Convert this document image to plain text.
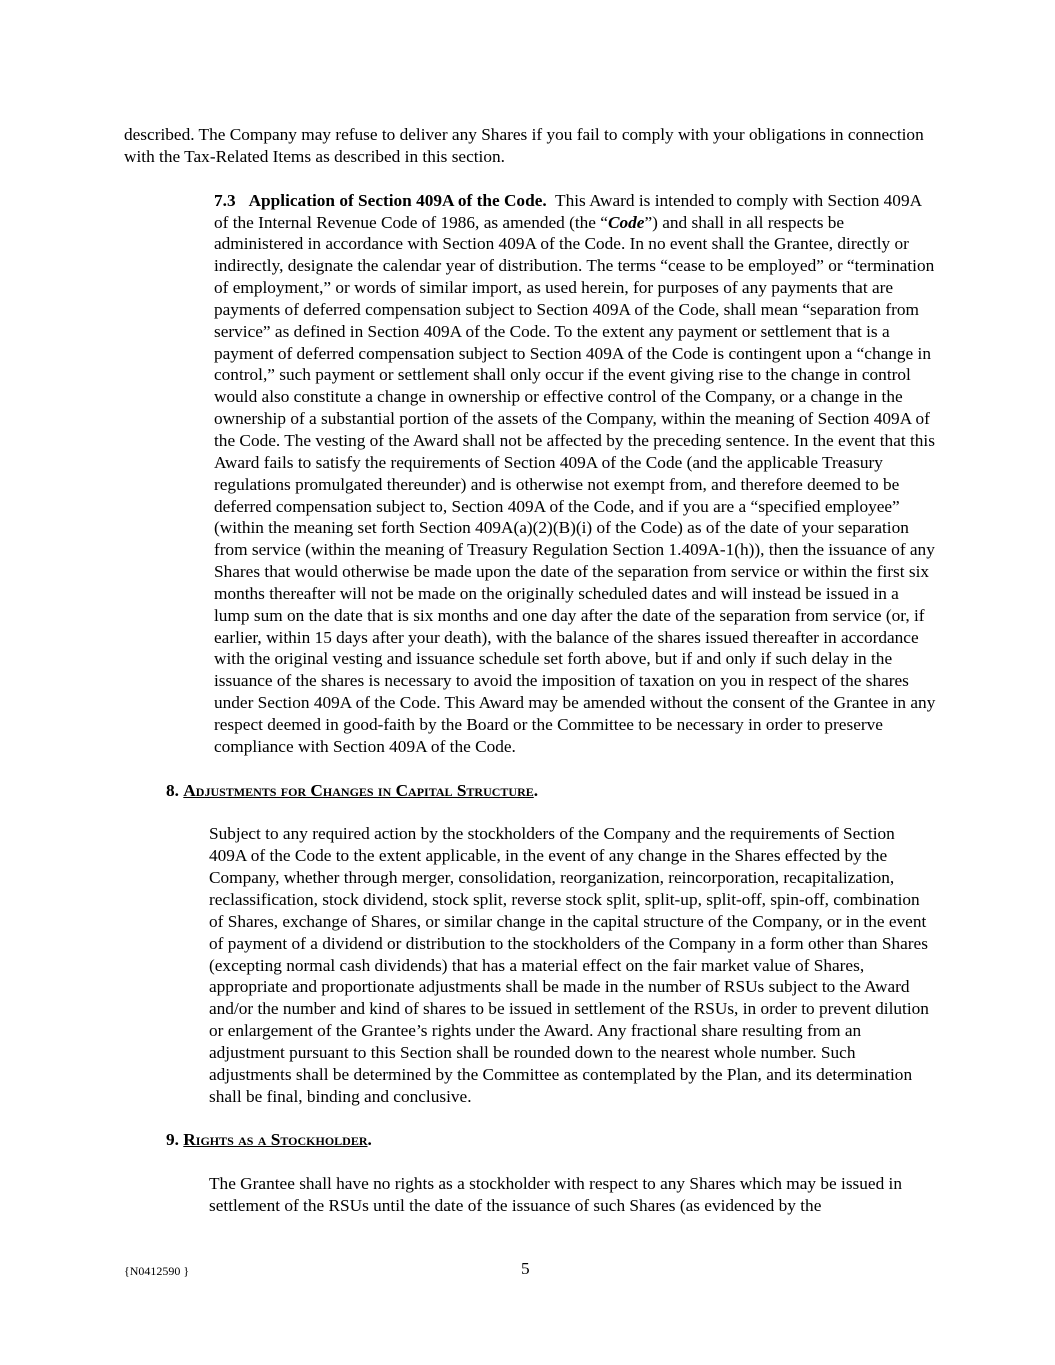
described. The Company may refuse to deliver any Shares if you fail to comply with your obligations in connection with the Tax-Related Items as described in this section.

7.3 Application of Section 409A of the Code. This Award is intended to comply with Section 409A of the Internal Revenue Code of 1986, as amended (the “Code”) and shall in all respects be administered in accordance with Section 409A of the Code. In no event shall the Grantee, directly or indirectly, designate the calendar year of distribution. The terms “cease to be employed” or “termination of employment,” or words of similar import, as used herein, for purposes of any payments that are payments of deferred compensation subject to Section 409A of the Code, shall mean “separation from service” as defined in Section 409A of the Code. To the extent any payment or settlement that is a payment of deferred compensation subject to Section 409A of the Code is contingent upon a “change in control,” such payment or settlement shall only occur if the event giving rise to the change in control would also constitute a change in ownership or effective control of the Company, or a change in the ownership of a substantial portion of the assets of the Company, within the meaning of Section 409A of the Code. The vesting of the Award shall not be affected by the preceding sentence. In the event that this Award fails to satisfy the requirements of Section 409A of the Code (and the applicable Treasury regulations promulgated thereunder) and is otherwise not exempt from, and therefore deemed to be deferred compensation subject to, Section 409A of the Code, and if you are a “specified employee” (within the meaning set forth Section 409A(a)(2)(B)(i) of the Code) as of the date of your separation from service (within the meaning of Treasury Regulation Section 1.409A-1(h)), then the issuance of any Shares that would otherwise be made upon the date of the separation from service or within the first six months thereafter will not be made on the originally scheduled dates and will instead be issued in a lump sum on the date that is six months and one day after the date of the separation from service (or, if earlier, within 15 days after your death), with the balance of the shares issued thereafter in accordance with the original vesting and issuance schedule set forth above, but if and only if such delay in the issuance of the shares is necessary to avoid the imposition of taxation on you in respect of the shares under Section 409A of the Code. This Award may be amended without the consent of the Grantee in any respect deemed in good-faith by the Board or the Committee to be necessary in order to preserve compliance with Section 409A of the Code.

8. Adjustments for Changes in Capital Structure.

Subject to any required action by the stockholders of the Company and the requirements of Section 409A of the Code to the extent applicable, in the event of any change in the Shares effected by the Company, whether through merger, consolidation, reorganization, reincorporation, recapitalization, reclassification, stock dividend, stock split, reverse stock split, split-up, split-off, spin-off, combination of Shares, exchange of Shares, or similar change in the capital structure of the Company, or in the event of payment of a dividend or distribution to the stockholders of the Company in a form other than Shares (excepting normal cash dividends) that has a material effect on the fair market value of Shares, appropriate and proportionate adjustments shall be made in the number of RSUs subject to the Award and/or the number and kind of shares to be issued in settlement of the RSUs, in order to prevent dilution or enlargement of the Grantee’s rights under the Award. Any fractional share resulting from an adjustment pursuant to this Section shall be rounded down to the nearest whole number. Such adjustments shall be determined by the Committee as contemplated by the Plan, and its determination shall be final, binding and conclusive.

9. Rights as a Stockholder.

The Grantee shall have no rights as a stockholder with respect to any Shares which may be issued in settlement of the RSUs until the date of the issuance of such Shares (as evidenced by the

{N0412590 }	5
